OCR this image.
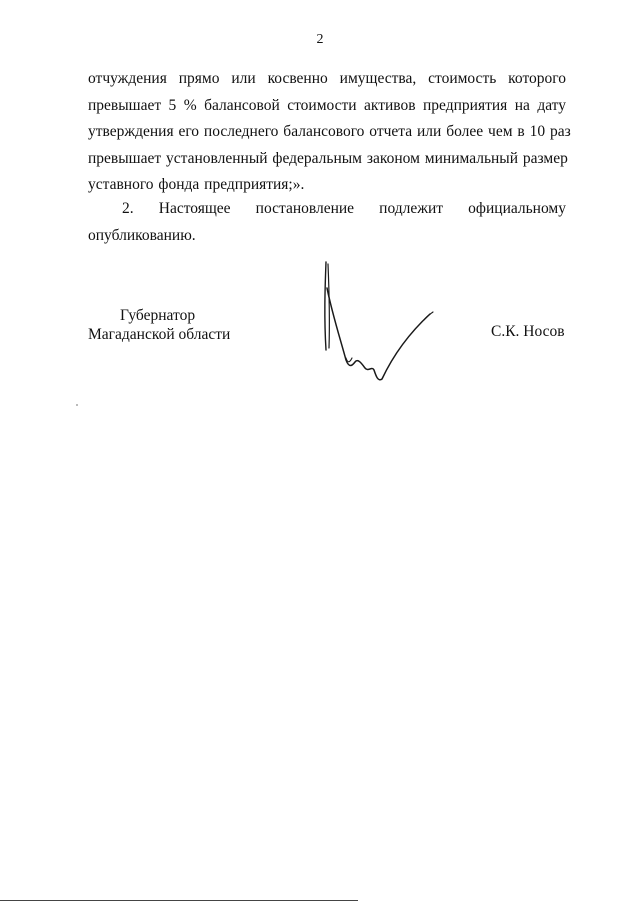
2
отчуждения прямо или косвенно имущества, стоимость которого
превышает 5 % балансовой стоимости активов предприятия на дату
утверждения его последнего балансового отчета или более чем в 10 раз
превышает установленный федеральным законом минимальный размер
уставного фонда предприятия;».
2. Настоящее постановление подлежит официальному
опубликованию.
Губернатор
Магаданской области	С.К. Носов
